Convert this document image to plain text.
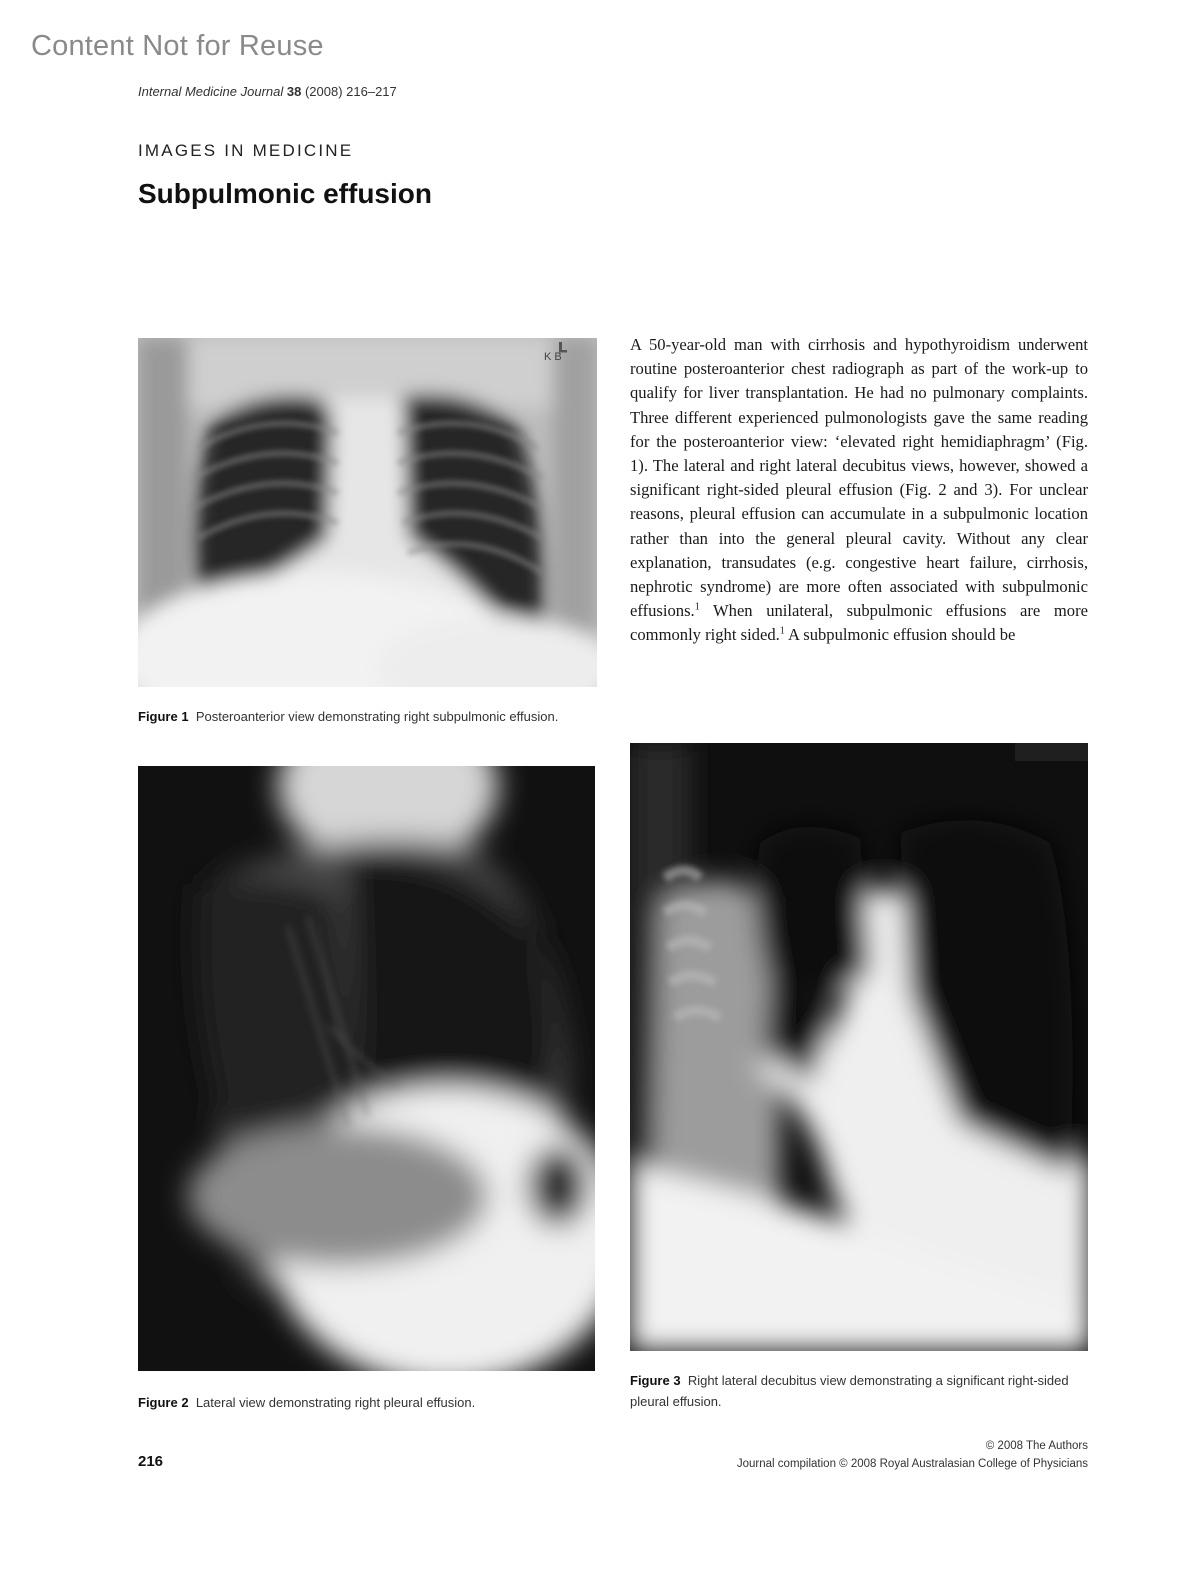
Content Not for Reuse
Internal Medicine Journal 38 (2008) 216–217
IMAGES IN MEDICINE
Subpulmonic effusion
K B
Figure 1 Posteroanterior view demonstrating right subpulmonic effusion.
A 50-year-old man with cirrhosis and hypothyroidism underwent routine posteroanterior chest radiograph as part of the work-up to qualify for liver transplantation. He had no pulmonary complaints. Three different experienced pulmonologists gave the same reading for the posteroanterior view: ‘elevated right hemidiaphragm’ (Fig. 1). The lateral and right lateral decubitus views, however, showed a significant right-sided pleural effusion (Fig. 2 and 3). For unclear reasons, pleural effusion can accumulate in a subpulmonic location rather than into the general pleural cavity. Without any clear explanation, transudates (e.g. congestive heart failure, cirrhosis, nephrotic syndrome) are more often associated with subpulmonic effusions.$^1$ When unilateral, subpulmonic effusions are more commonly right sided.$^1$ A subpulmonic effusion should be
Figure 2 Lateral view demonstrating right pleural effusion.
Figure 3 Right lateral decubitus view demonstrating a significant right-sided pleural effusion.
216
© 2008 The Authors
Journal compilation © 2008 Royal Australasian College of Physicians
